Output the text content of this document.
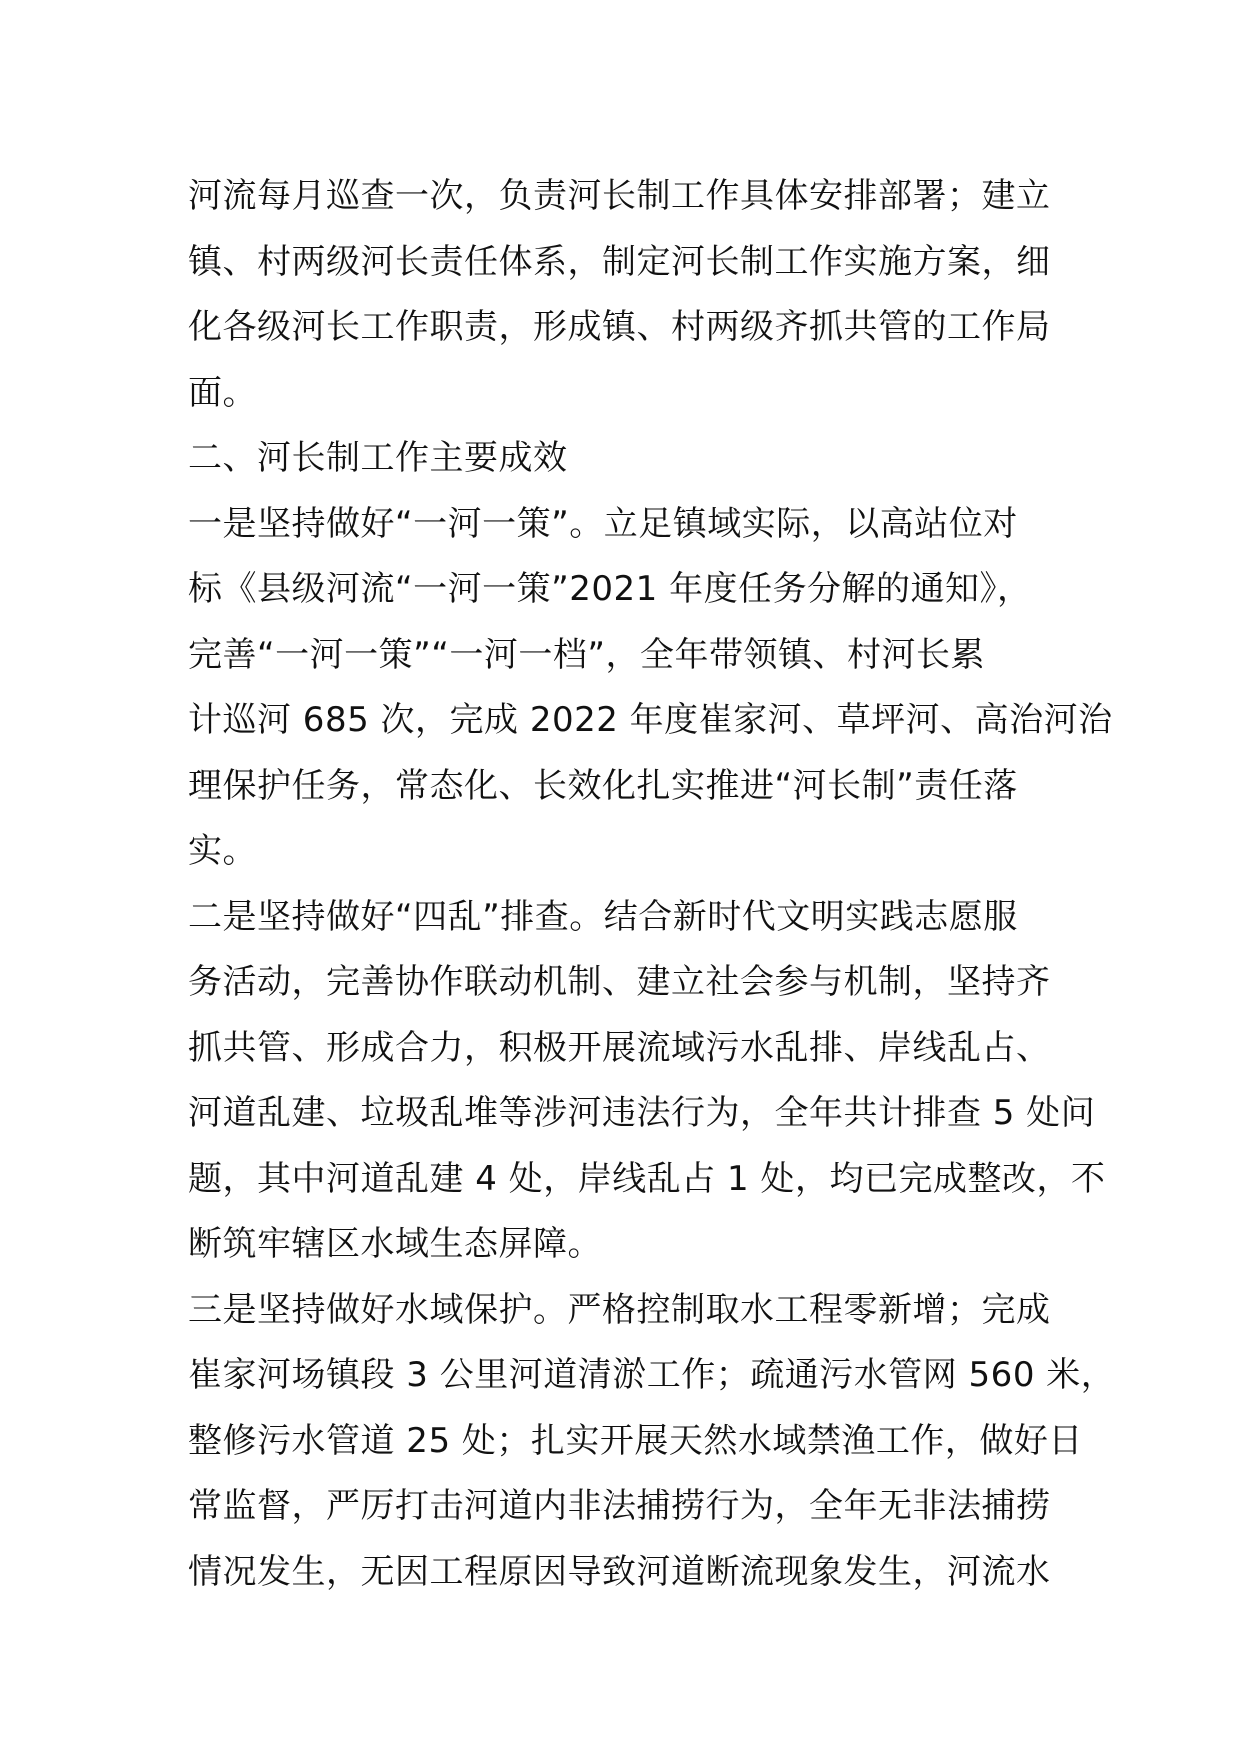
河流每月巡查一次，负责河长制工作具体安排部署；建立
镇、村两级河长责任体系，制定河长制工作实施方案，细
化各级河长工作职责，形成镇、村两级齐抓共管的工作局
面。
二、河长制工作主要成效
一是坚持做好“一河一策”。立足镇域实际，以高站位对
标《县级河流“一河一策”2021 年度任务分解的通知》，
完善“一河一策”“一河一档”，全年带领镇、村河长累
计巡河 685 次，完成 2022 年度崔家河、草坪河、高治河治
理保护任务，常态化、长效化扎实推进“河长制”责任落
实。
二是坚持做好“四乱”排查。结合新时代文明实践志愿服
务活动，完善协作联动机制、建立社会参与机制，坚持齐
抓共管、形成合力，积极开展流域污水乱排、岸线乱占、
河道乱建、垃圾乱堆等涉河违法行为，全年共计排查 5 处问
题，其中河道乱建 4 处，岸线乱占 1 处，均已完成整改，不
断筑牢辖区水域生态屏障。
三是坚持做好水域保护。严格控制取水工程零新增；完成
崔家河场镇段 3 公里河道清淤工作；疏通污水管网 560 米，
整修污水管道 25 处；扎实开展天然水域禁渔工作，做好日
常监督，严厉打击河道内非法捕捞行为，全年无非法捕捞
情况发生，无因工程原因导致河道断流现象发生，河流水
